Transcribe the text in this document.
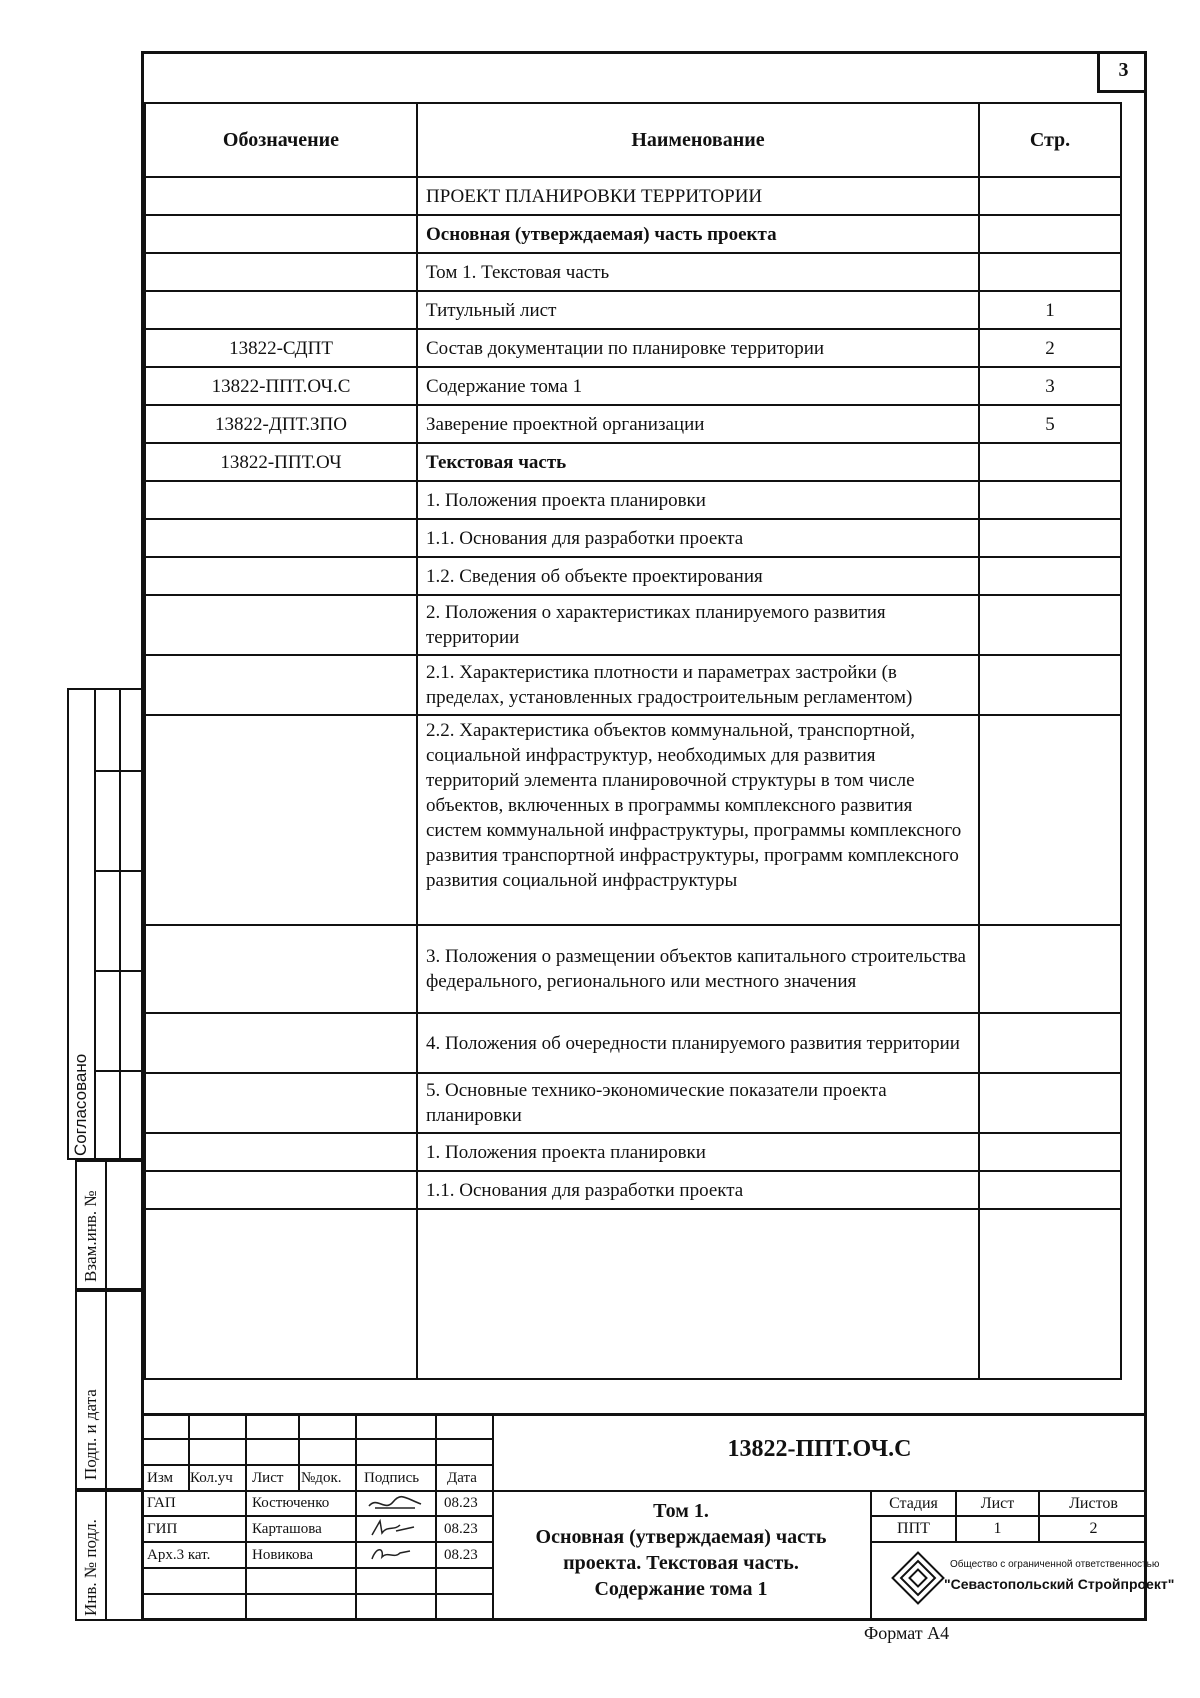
3
Обозначение	Наименование	Стр.
	ПРОЕКТ ПЛАНИРОВКИ ТЕРРИТОРИИ	
	Основная (утверждаемая) часть проекта	
	Том 1. Текстовая часть	
	Титульный лист	1
13822-СДПТ	Состав документации по планировке территории	2
13822-ППТ.ОЧ.С	Содержание тома 1	3
13822-ДПТ.ЗПО	Заверение проектной организации	5
13822-ППТ.ОЧ	Текстовая часть	
	1. Положения проекта планировки	
	1.1. Основания для разработки проекта	
	1.2. Сведения об объекте проектирования	
	2. Положения о характеристиках планируемого развития территории	
	2.1. Характеристика плотности и параметрах застройки (в пределах, установленных градостроительным регламентом)	
	2.2. Характеристика объектов коммунальной, транспортной, социальной инфраструктур, необходимых для развития территорий элемента планировочной структуры в том числе объектов, включенных в программы комплексного развития систем коммунальной инфраструктуры, программы комплексного развития транспортной инфраструктуры, программ комплексного развития социальной инфраструктуры	
	3. Положения о размещении объектов капитального строительства федерального, регионального или местного значения	
	4. Положения об очередности планируемого развития территории	
	5. Основные технико-экономические показатели проекта планировки	
	1. Положения проекта планировки	
	1.1. Основания для разработки проекта	

Согласовано
Взам.инв. №
Подп. и дата
Инв. № подл.
13822-ППТ.ОЧ.С
Изм Кол.уч Лист №док. Подпись Дата
ГАП	Костюченко	08.23
ГИП	Карташова	08.23
Арх.3 кат.	Новикова	08.23
Том 1.
Основная (утверждаемая) часть
проекта. Текстовая часть.
Содержание тома 1
Стадия	Лист	Листов
ППТ	1	2
Общество с ограниченной ответственностью
"Севастопольский Стройпроект"
Формат А4
